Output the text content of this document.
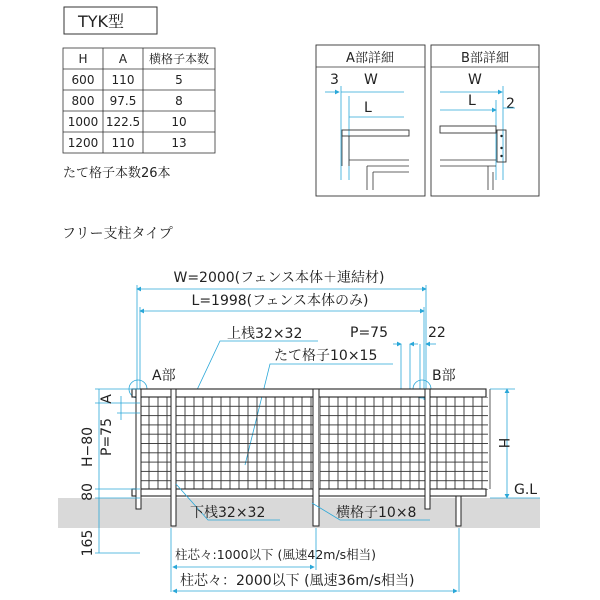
TYK型
H	A 横格子本数
600 110	5
800 97.5	8
1000 122.5	10
1200 110	13
たて格子本数26本
A部詳細
3 W
L
B部詳細
W
L 2
フリー支柱タイプ
W=2000(フェンス本体＋連結材)
L=1998(フェンス本体のみ)
上桟32×32	P=75	22
たて格子10×15
A部	B部
A
P=75
H−80
80
165
H
G.L
下桟32×32	横格子10×8
柱芯々:1000以下 (風速42m/s相当)
柱芯々：2000以下 (風速36m/s相当)
